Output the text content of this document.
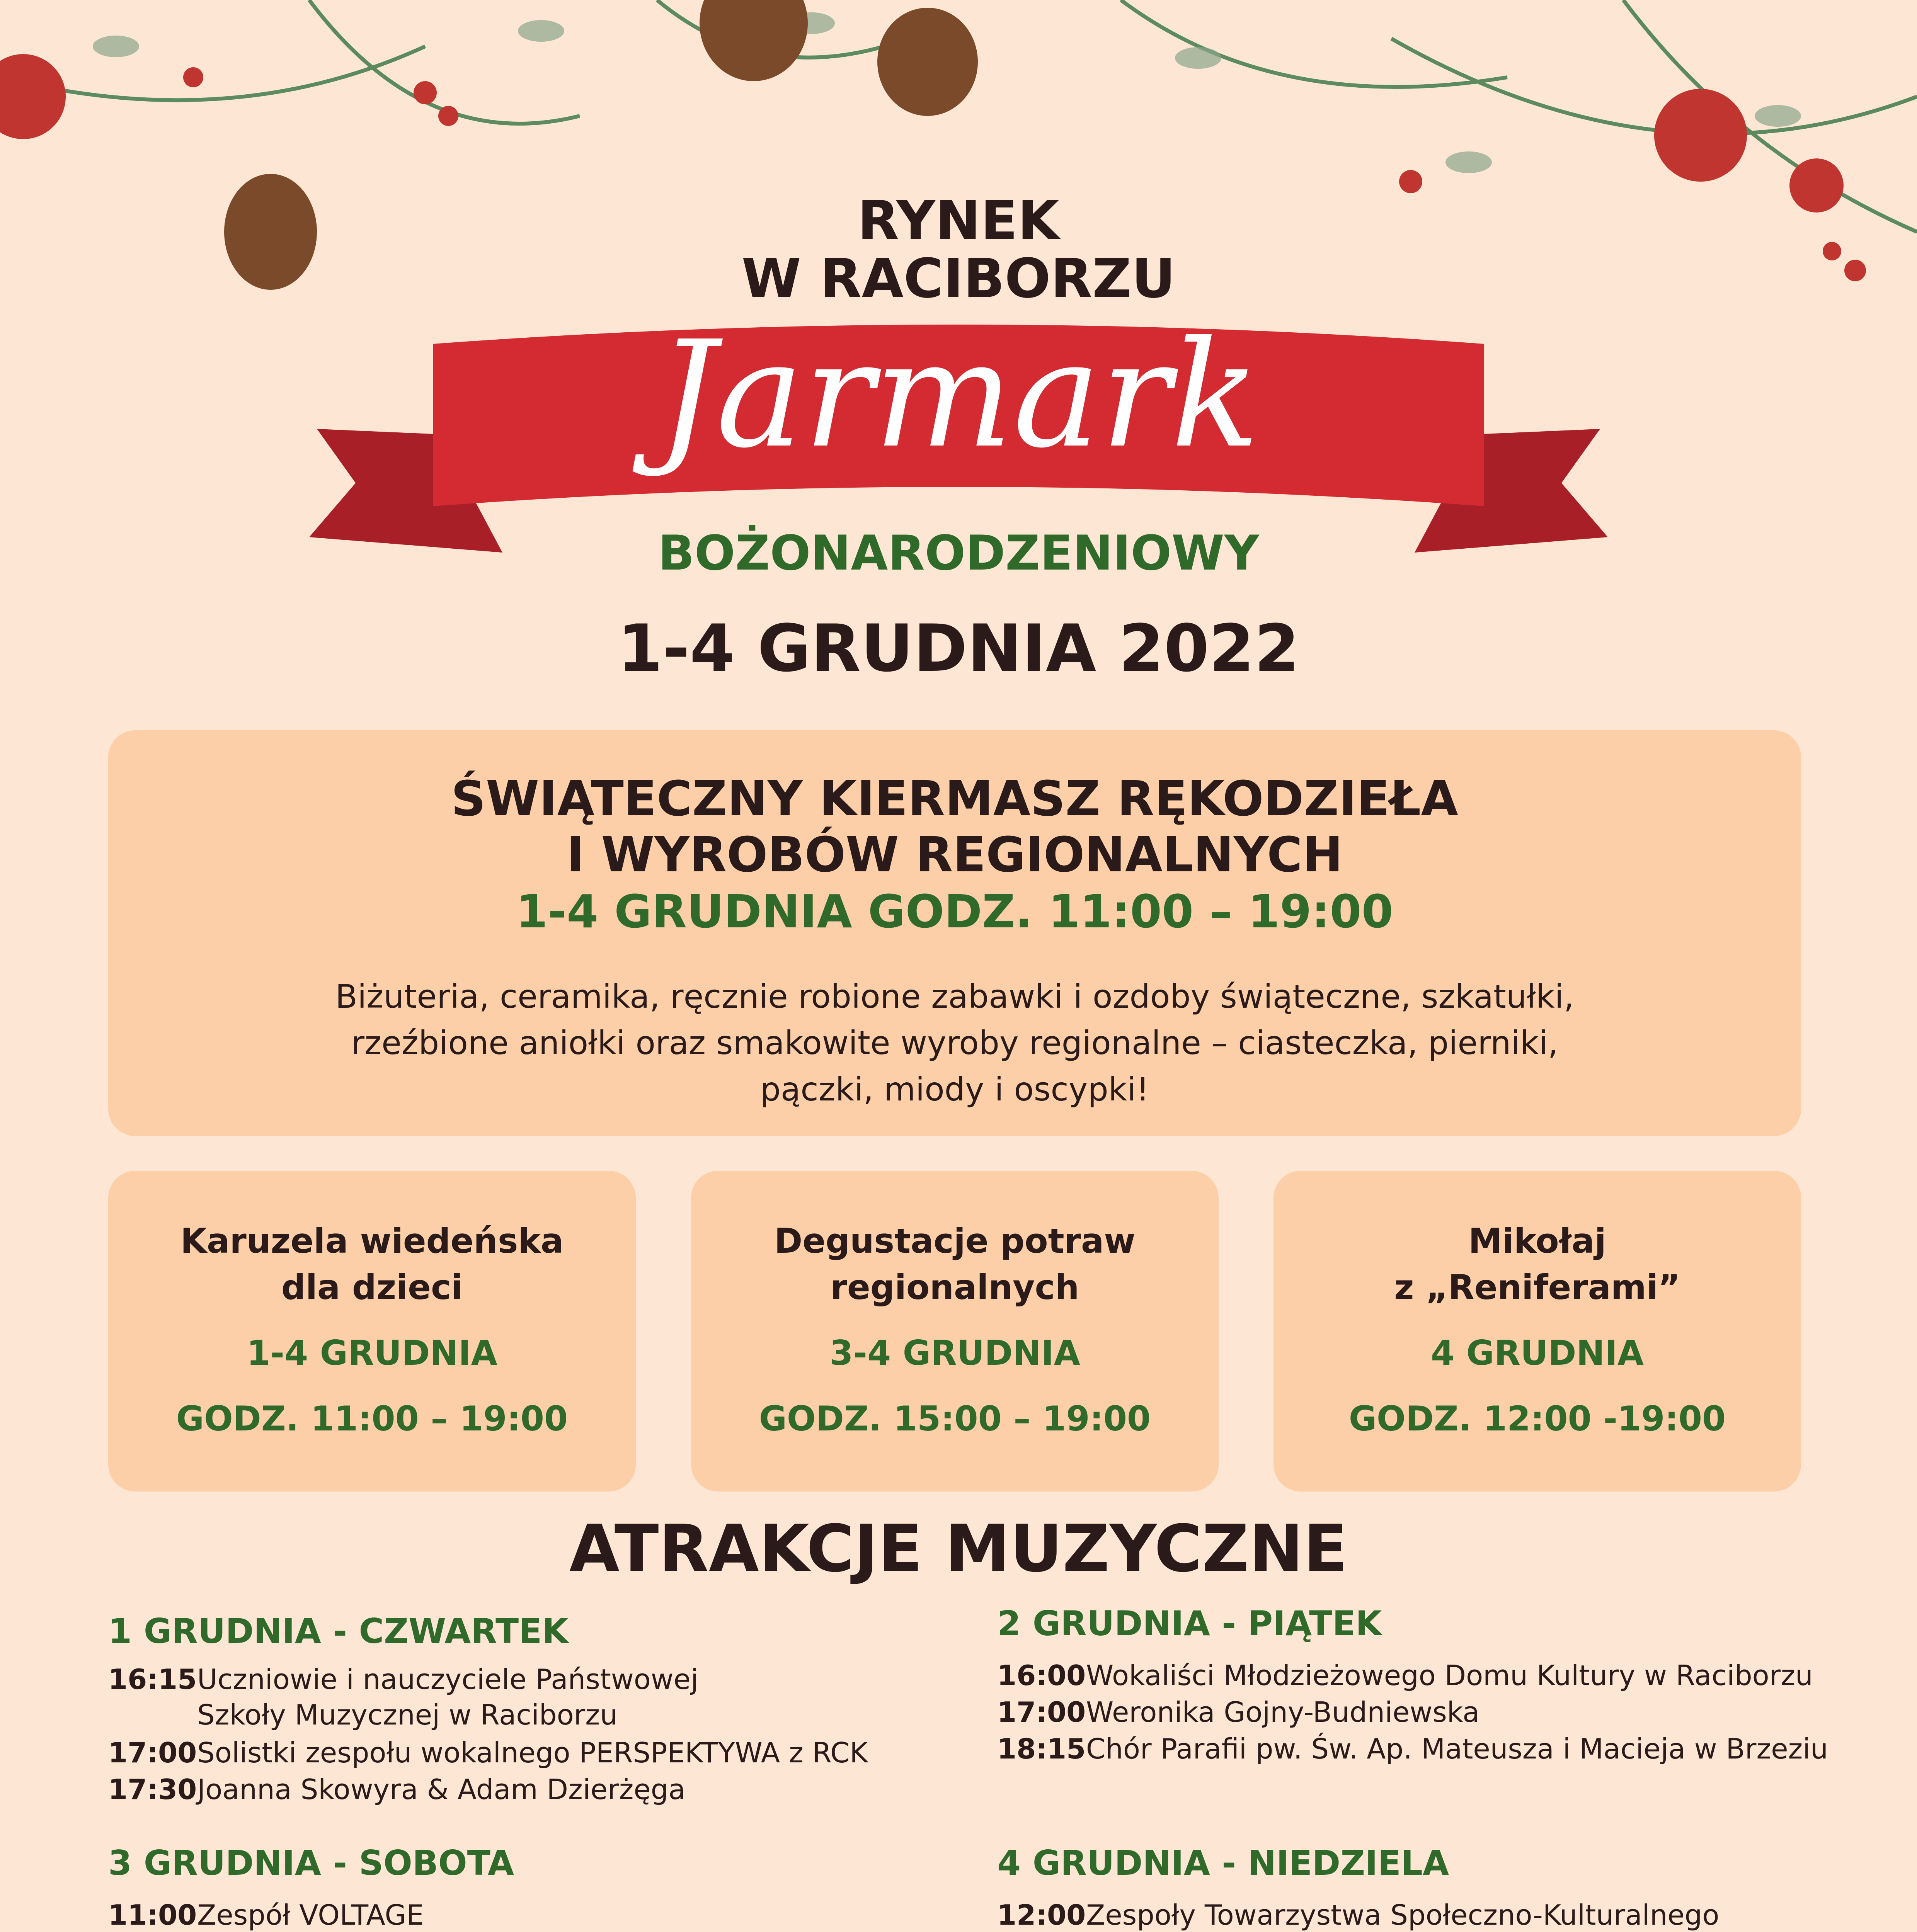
RYNEK
W RACIBORZU
Jarmark
BOŻONARODZENIOWY
1-4 GRUDNIA 2022
ŚWIĄTECZNY KIERMASZ RĘKODZIEŁA
I WYROBÓW REGIONALNYCH
1-4 GRUDNIA GODZ. 11:00 – 19:00
Biżuteria, ceramika, ręcznie robione zabawki i ozdoby świąteczne, szkatułki,
rzeźbione aniołki oraz smakowite wyroby regionalne – ciasteczka, pierniki,
pączki, miody i oscypki!
Karuzela wiedeńska
dla dzieci
1-4 GRUDNIA
GODZ. 11:00 – 19:00
Degustacje potraw
regionalnych
3-4 GRUDNIA
GODZ. 15:00 – 19:00
Mikołaj
z „Reniferami”
4 GRUDNIA
GODZ. 12:00 -19:00
ATRAKCJE MUZYCZNE
1 GRUDNIA - CZWARTEK
16:15Uczniowie i nauczyciele Państwowej
Szkoły Muzycznej w Raciborzu
17:00Solistki zespołu wokalnego PERSPEKTYWA z RCK
17:30Joanna Skowyra & Adam Dzierżęga
2 GRUDNIA - PIĄTEK
16:00Wokaliści Młodzieżowego Domu Kultury w Raciborzu
17:00Weronika Gojny-Budniewska
18:15Chór Parafii pw. Św. Ap. Mateusza i Macieja w Brzeziu
3 GRUDNIA - SOBOTA
11:00Zespół VOLTAGE
4 GRUDNIA - NIEDZIELA
12:00Zespoły Towarzystwa Społeczno-Kulturalnego
